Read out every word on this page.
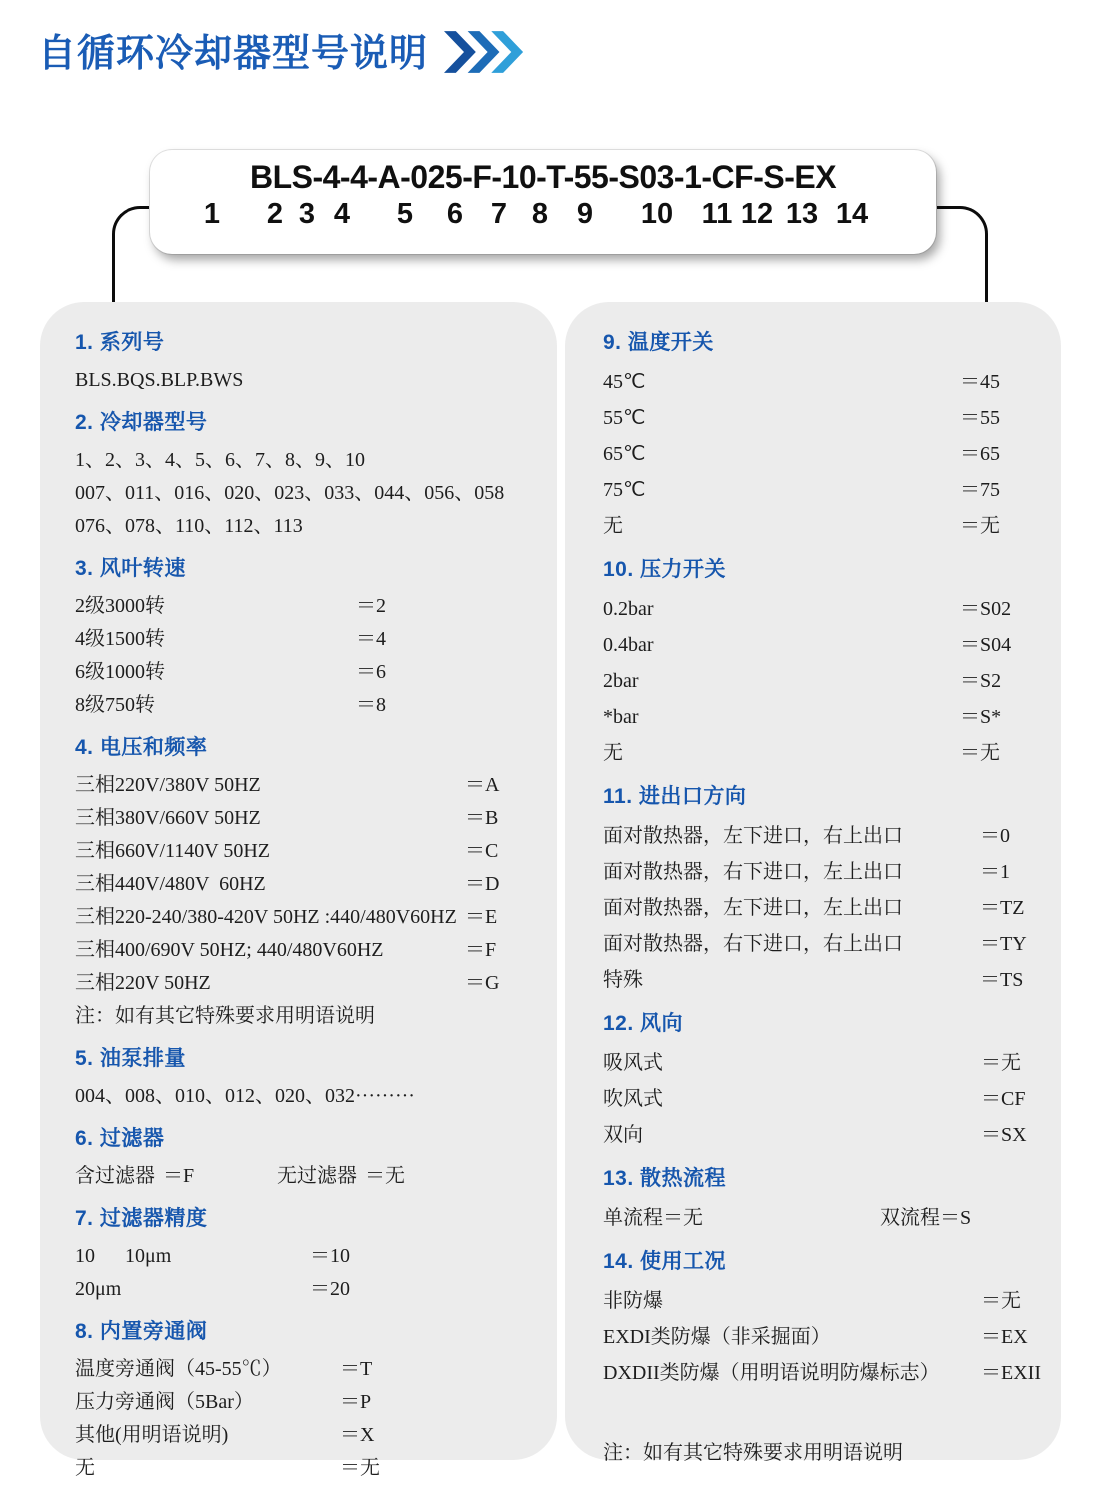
自循环冷却器型号说明
BLS-4-4-A-025-F-10-T-55-S03-1-CF-S-EX
1 2 3 4 5 6 7 8 9 10 11 12 13 14
1. 系列号
BLS.BQS.BLP.BWS
2. 冷却器型号
1、2、3、4、5、6、7、8、9、10
007、011、016、020、023、033、044、056、058
076、078、110、112、113
3. 风叶转速
2级3000转	＝2
4级1500转	＝4
6级1000转	＝6
8级750转	＝8
4. 电压和频率
三相220V/380V 50HZ	＝A
三相380V/660V 50HZ	＝B
三相660V/1140V 50HZ	＝C
三相440V/480V  60HZ	＝D
三相220-240/380-420V 50HZ :440/480V60HZ ＝E
三相400/690V 50HZ; 440/480V60HZ	＝F
三相220V 50HZ	＝G
注：如有其它特殊要求用明语说明
5. 油泵排量
004、008、010、012、020、032·········
6. 过滤器
含过滤器 ＝F	无过滤器 ＝无
7. 过滤器精度
10      10μm	＝10
20μm	＝20
8. 内置旁通阀
温度旁通阀（45-55℃）	＝T
压力旁通阀（5Bar）	＝P
其他(用明语说明)	＝X
无	＝无
9. 温度开关
45℃	＝45
55℃	＝55
65℃	＝65
75℃	＝75
无	＝无
10. 压力开关
0.2bar	＝S02
0.4bar	＝S04
2bar	＝S2
*bar	＝S*
无	＝无
11. 进出口方向
面对散热器，左下进口，右上出口	＝0
面对散热器，右下进口，左上出口	＝1
面对散热器，左下进口，左上出口	＝TZ
面对散热器，右下进口，右上出口	＝TY
特殊	＝TS
12. 风向
吸风式	＝无
吹风式	＝CF
双向	＝SX
13. 散热流程
单流程＝无	双流程＝S
14. 使用工况
非防爆	＝无
EXDI类防爆（非采掘面）	＝EX
DXDII类防爆（用明语说明防爆标志） ＝EXII
注：如有其它特殊要求用明语说明
